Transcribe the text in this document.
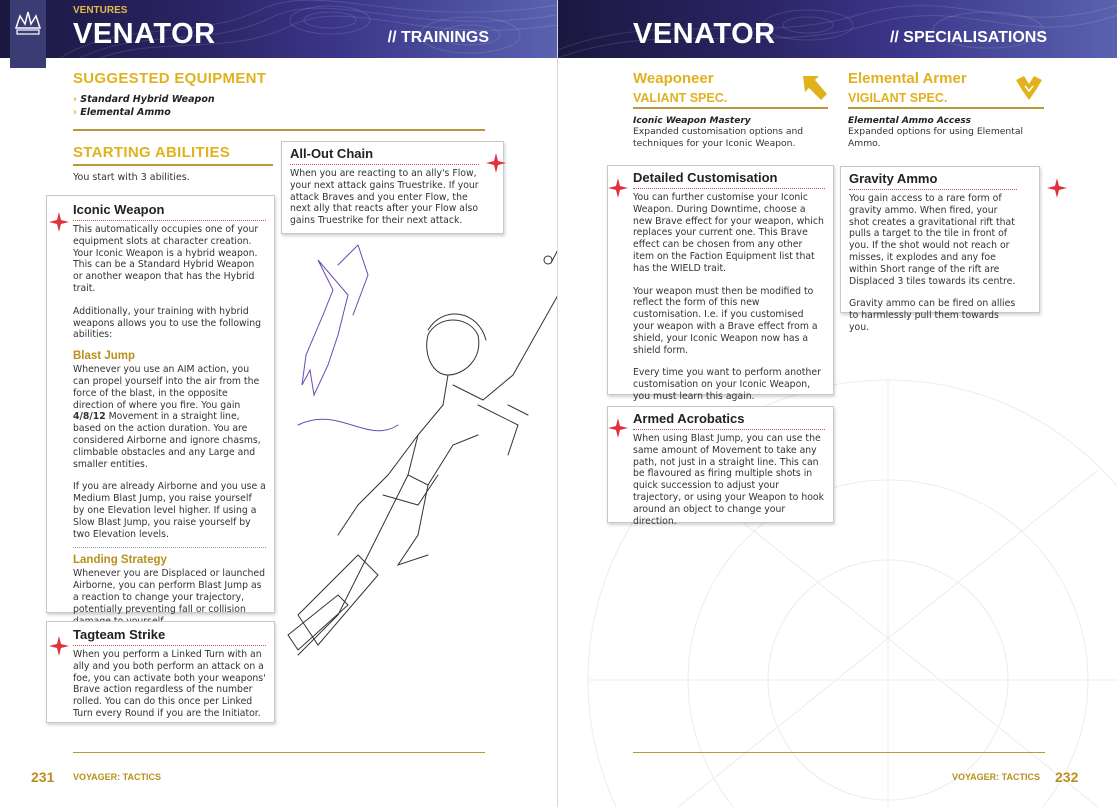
VENTURES
VENATOR	// TRAININGS
SUGGESTED EQUIPMENT
› Standard Hybrid Weapon
› Elemental Ammo
STARTING ABILITIES
You start with 3 abilities.
Iconic Weapon

This automatically occupies one of your equipment slots at character creation. Your Iconic Weapon is a hybrid weapon. This can be a Standard Hybrid Weapon or another weapon that has the Hybrid trait.

Additionally, your training with hybrid weapons allows you to use the following abilities:

Blast Jump

Whenever you use an AIM action, you can propel yourself into the air from the force of the blast, in the opposite direction of where you fire. You gain 4/8/12 Movement in a straight line, based on the action duration. You are considered Airborne and ignore chasms, climbable obstacles and any Large and smaller entities.

If you are already Airborne and you use a Medium Blast Jump, you raise yourself by one Elevation level higher. If using a Slow Blast Jump, you raise yourself by two Elevation levels.

Landing Strategy

Whenever you are Displaced or launched Airborne, you can perform Blast Jump as a reaction to change your trajectory, potentially preventing fall or collision

Tagteam Strike

When you perform a Linked Turn with an ally and you both perform an attack on a foe, you can activate both your weapons' Brave action regardless of the number rolled. You can do this once per Linked Turn every Round if you are the Initiator.

All-Out Chain

When you are reacting to an ally's Flow, your next attack gains Truestrike. If your attack Braves and you enter Flow, the next ally that reacts after your Flow also gains Truestrike for their next attack.

231 VOYAGER: TACTICS
VENATOR	// SPECIALISATIONS
Weaponeer
VALIANT SPEC.
Iconic Weapon Mastery
Expanded customisation options and techniques for your Iconic Weapon.
Elemental Armer
VIGILANT SPEC.
Elemental Ammo Access
Expanded options for using Elemental Ammo.
Detailed Customisation

You can further customise your Iconic Weapon. During Downtime, choose a new Brave effect for your weapon, which replaces your current one. This Brave effect can be chosen from any other item on the Faction Equipment list that has the WIELD trait.

Your weapon must then be modified to reflect the form of this new customisation. I.e. if you customised your weapon with a Brave effect from a shield, your Iconic Weapon now has a shield form.

Every time you want to perform another customisation on your Iconic Weapon, you must learn this again.

Armed Acrobatics

When using Blast Jump, you can use the same amount of Movement to take any path, not just in a straight line. This can be flavoured as firing multiple shots in quick succession to adjust your trajectory, or using your Weapon to hook around an object to change your direction.

Gravity Ammo

You gain access to a rare form of gravity ammo. When fired, your shot creates a gravitational rift that pulls a target to the tile in front of you. If the shot would not reach or misses, it explodes and any foe within Short range of the rift are Displaced 3 tiles towards its centre.

Gravity ammo can be fired on allies to harmlessly pull them towards you.

VOYAGER: TACTICS 232
